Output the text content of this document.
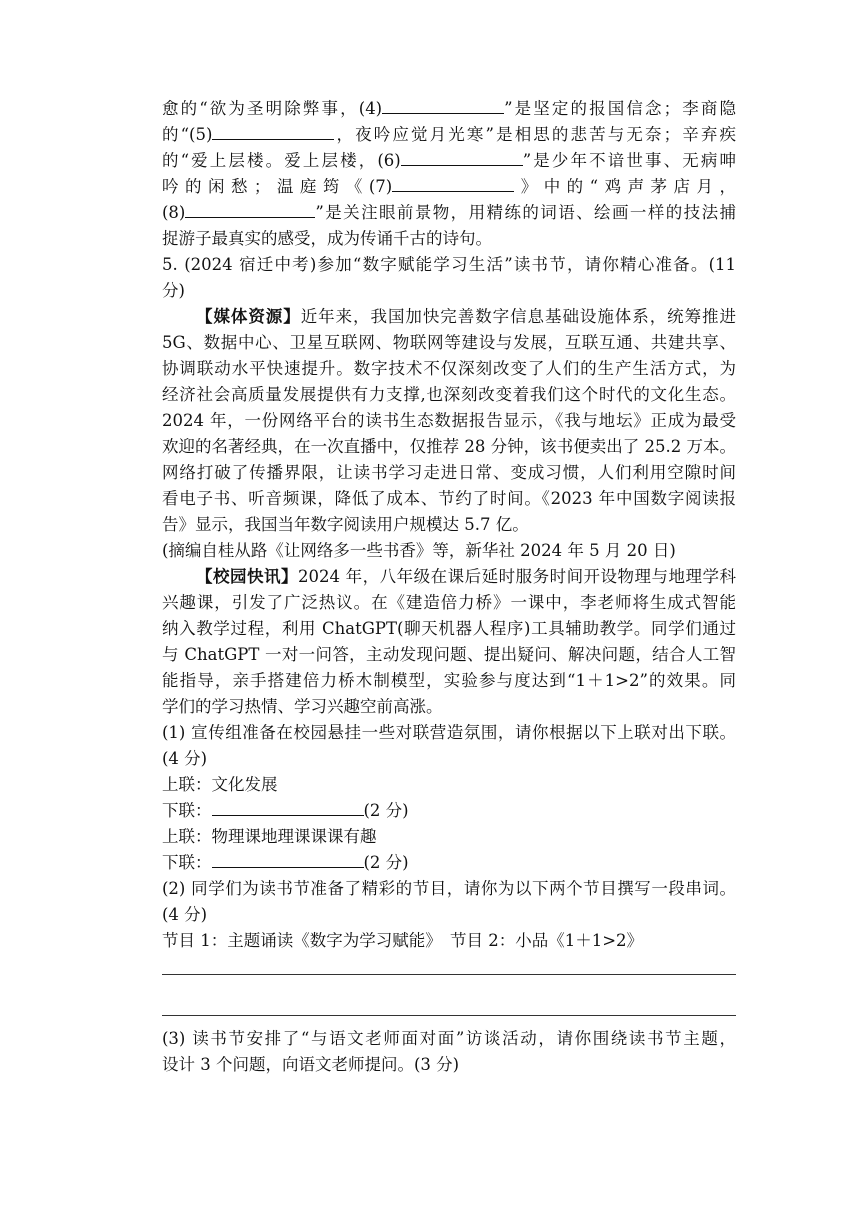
愈的“欲为圣明除弊事，(4)	”是坚定的报国信念；李商隐
的“(5)	，夜吟应觉月光寒”是相思的悲苦与无奈；辛弃疾
的“爱上层楼。爱上层楼，(6)	”是少年不谙世事、无病呻
吟的闲愁；温庭筠《(7)	》中的“鸡声茅店月，
(8)	”是关注眼前景物，用精练的词语、绘画一样的技法捕
捉游子最真实的感受，成为传诵千古的诗句。
5. (2024 宿迁中考)参加“数字赋能学习生活”读书节，请你精心准备。(11
分)
【媒体资源】近年来，我国加快完善数字信息基础设施体系，统筹推进
5G、数据中心、卫星互联网、物联网等建设与发展，互联互通、共建共享、
协调联动水平快速提升。数字技术不仅深刻改变了人们的生产生活方式，为
经济社会高质量发展提供有力支撑,也深刻改变着我们这个时代的文化生态。
2024 年，一份网络平台的读书生态数据报告显示，《我与地坛》正成为最受
欢迎的名著经典，在一次直播中，仅推荐 28 分钟，该书便卖出了 25.2 万本。
网络打破了传播界限，让读书学习走进日常、变成习惯，人们利用空隙时间
看电子书、听音频课，降低了成本、节约了时间。《2023 年中国数字阅读报
告》显示，我国当年数字阅读用户规模达 5.7 亿。
(摘编自桂从路《让网络多一些书香》等，新华社 2024 年 5 月 20 日)
【校园快讯】2024 年，八年级在课后延时服务时间开设物理与地理学科
兴趣课，引发了广泛热议。在《建造倍力桥》一课中，李老师将生成式智能
纳入教学过程，利用 ChatGPT(聊天机器人程序)工具辅助教学。同学们通过
与 ChatGPT 一对一问答，主动发现问题、提出疑问、解决问题，结合人工智
能指导，亲手搭建倍力桥木制模型，实验参与度达到“1＋1>2”的效果。同
学们的学习热情、学习兴趣空前高涨。
(1) 宣传组准备在校园悬挂一些对联营造氛围，请你根据以下上联对出下联。
(4 分)
上联：文化发展
下联：	(2 分)
上联：物理课地理课课课有趣
下联：	(2 分)
(2) 同学们为读书节准备了精彩的节目，请你为以下两个节目撰写一段串词。
(4 分)
节目 1：主题诵读《数字为学习赋能》　节目 2：小品《1＋1>2》
(3) 读书节安排了“与语文老师面对面”访谈活动，请你围绕读书节主题，
设计 3 个问题，向语文老师提问。(3 分)
